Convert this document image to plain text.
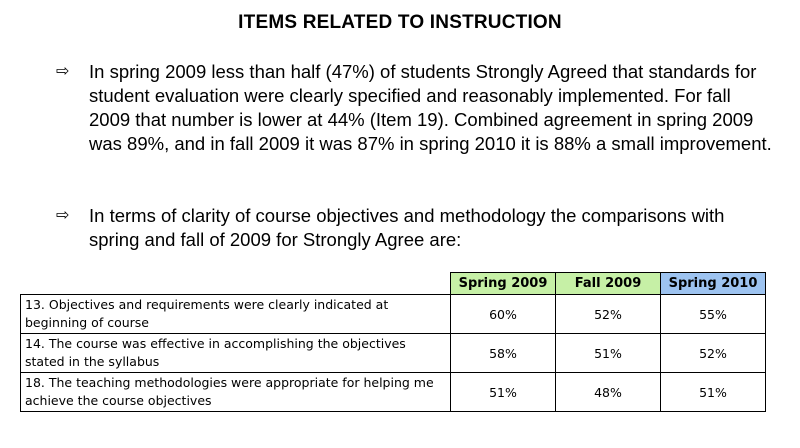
ITEMS RELATED TO INSTRUCTION
⇨	In spring 2009 less than half (47%) of students Strongly Agreed that standards for student evaluation were clearly specified and reasonably implemented. For fall 2009 that number is lower at 44% (Item 19). Combined agreement in spring 2009 was 89%, and in fall 2009 it was 87% in spring 2010 it is 88% a small improvement.
⇨	In terms of clarity of course objectives and methodology the comparisons with spring and fall of 2009 for Strongly Agree are:
	Spring 2009	Fall 2009	Spring 2010
13. Objectives and requirements were clearly indicated at beginning of course	60%	52%	55%
14. The course was effective in accomplishing the objectives stated in the syllabus	58%	51%	52%
18. The teaching methodologies were appropriate for helping me achieve the course objectives	51%	48%	51%
